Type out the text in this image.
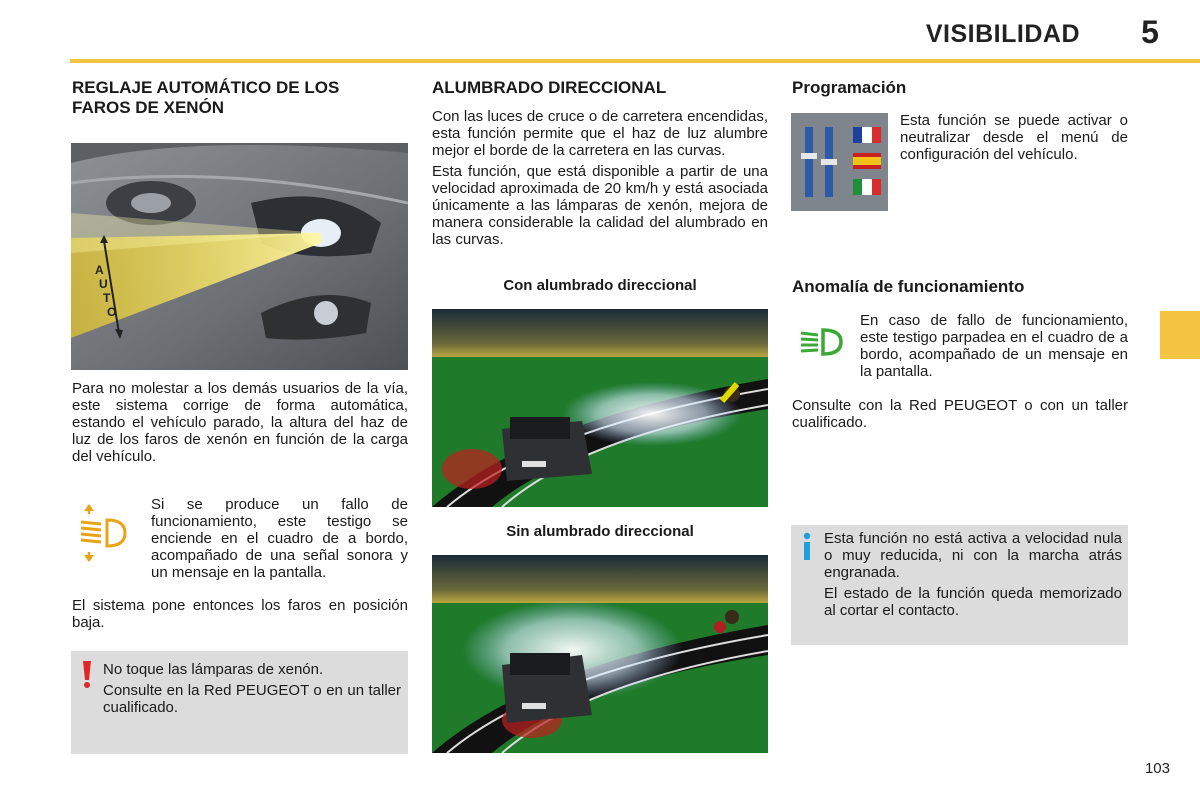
VISIBILIDAD 5
REGLAJE AUTOMÁTICO DE LOS FAROS DE XENÓN
A
U
T
O
Para no molestar a los demás usuarios de la vía, este sistema corrige de forma automática, estando el vehículo parado, la altura del haz de luz de los faros de xenón en función de la carga del vehículo.
Si se produce un fallo de funcionamiento, este testigo se enciende en el cuadro de a bordo, acompañado de una señal sonora y un mensaje en la pantalla.
El sistema pone entonces los faros en posición baja.

No toque las lámparas de xenón.

Consulte en la Red PEUGEOT o en un taller cualificado.

ALUMBRADO DIRECCIONAL

Con las luces de cruce o de carretera encendidas, esta función permite que el haz de luz alumbre mejor el borde de la carretera en las curvas.

Esta función, que está disponible a partir de una velocidad aproximada de 20 km/h y está asociada únicamente a las lámparas de xenón, mejora de manera considerable la calidad del alumbrado en las curvas.

Con alumbrado direccional
Sin alumbrado direccional
Programación
Esta función se puede activar o neutralizar desde el menú de configuración del vehículo.
Anomalía de funcionamiento
En caso de fallo de funcionamiento, este testigo parpadea en el cuadro de a bordo, acompañado de un mensaje en la pantalla.
Consulte con la Red PEUGEOT o con un taller cualificado.

Esta función no está activa a velocidad nula o muy reducida, ni con la marcha atrás engranada.

El estado de la función queda memorizado al cortar el contacto.

103
